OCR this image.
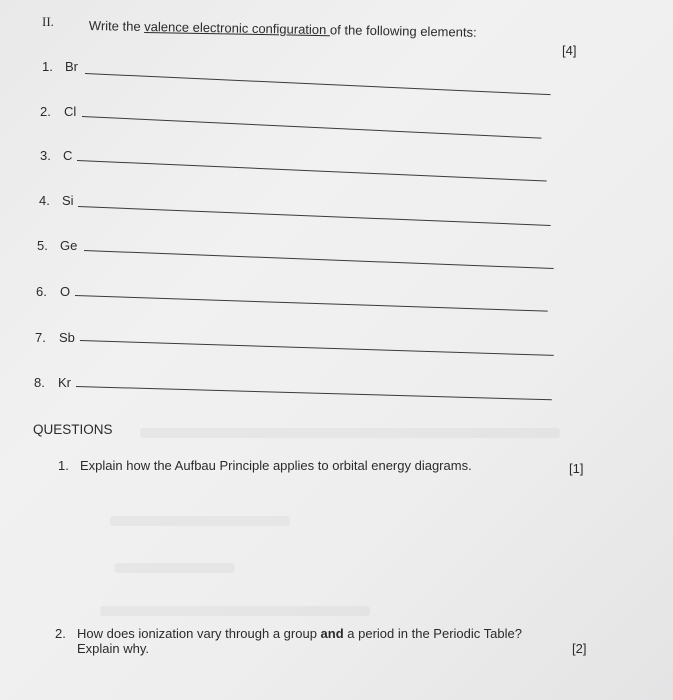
II.	Write the valence electronic configuration of the following elements:
[4]
1. Br
2. Cl
3. C
4. Si
5. Ge
6. O
7. Sb
8. Kr
QUESTIONS
1. Explain how the Aufbau Principle applies to orbital energy diagrams.	[1]
2. How does ionization vary through a group and a period in the Periodic Table?
Explain why.	[2]
